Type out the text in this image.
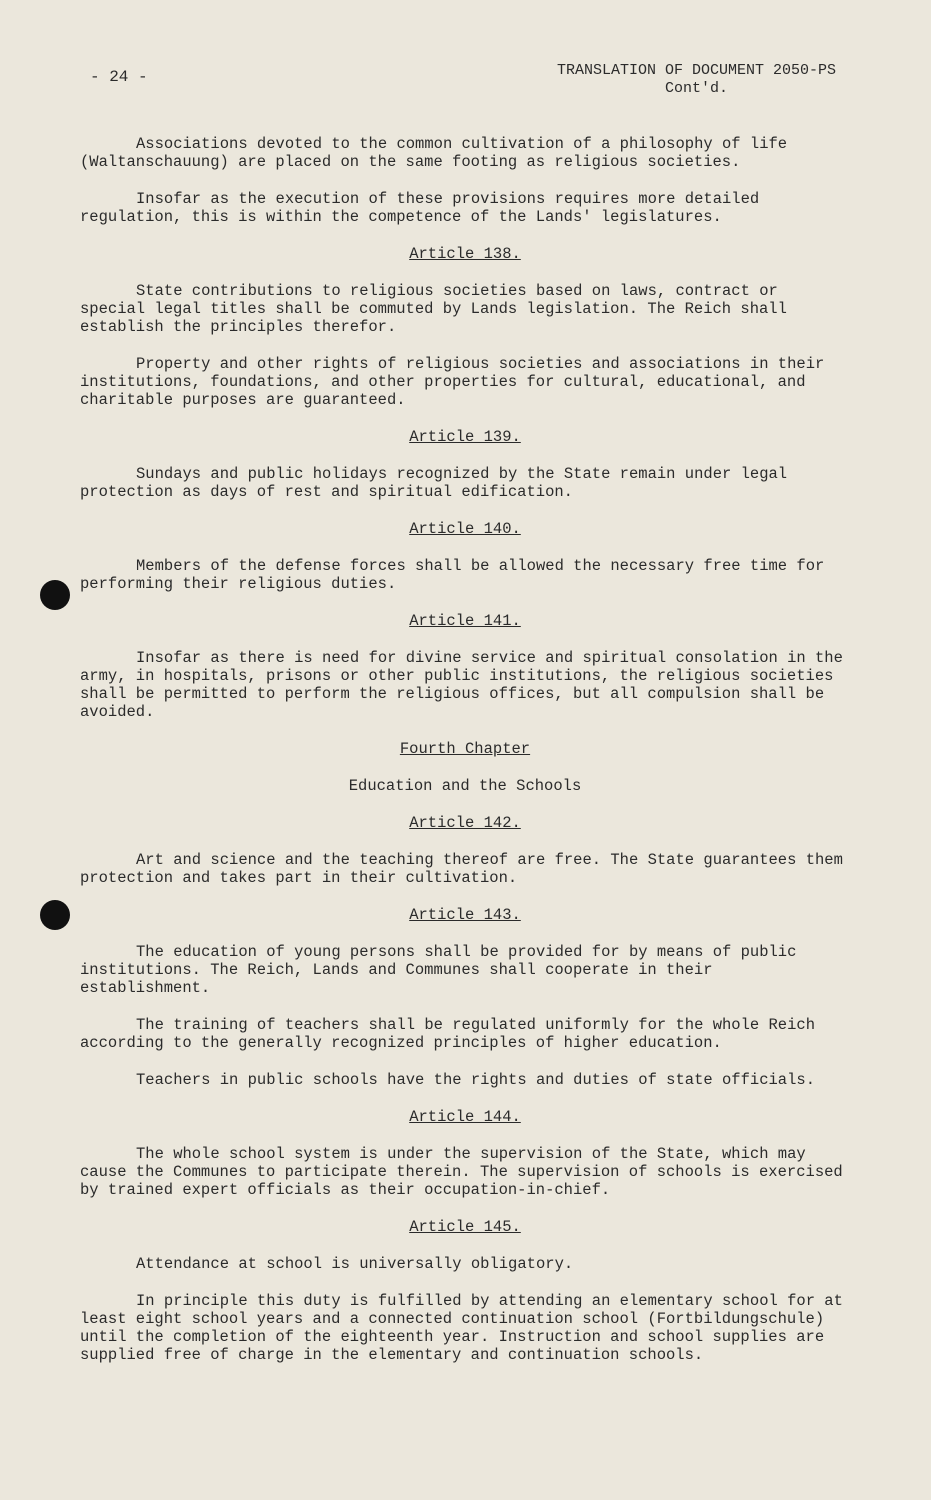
- 24 -	TRANSLATION OF DOCUMENT 2050-PS
Cont'd.

Associations devoted to the common cultivation of a philosophy of life (Waltanschauung) are placed on the same footing as religious societies.

Insofar as the execution of these provisions requires more detailed regulation, this is within the competence of the Lands' legislatures.

Article 138.

State contributions to religious societies based on laws, contract or special legal titles shall be commuted by Lands legislation. The Reich shall establish the principles therefor.

Property and other rights of religious societies and associations in their institutions, foundations, and other properties for cultural, educational, and charitable purposes are guaranteed.

Article 139.

Sundays and public holidays recognized by the State remain under legal protection as days of rest and spiritual edification.

Article 140.

Members of the defense forces shall be allowed the necessary free time for performing their religious duties.

Article 141.

Insofar as there is need for divine service and spiritual consolation in the army, in hospitals, prisons or other public institutions, the religious societies shall be permitted to perform the religious offices, but all compulsion shall be avoided.

Fourth Chapter
Education and the Schools
Article 142.

Art and science and the teaching thereof are free. The State guarantees them protection and takes part in their cultivation.

Article 143.

The education of young persons shall be provided for by means of public institutions. The Reich, Lands and Communes shall cooperate in their establishment.

The training of teachers shall be regulated uniformly for the whole Reich according to the generally recognized principles of higher education.

Teachers in public schools have the rights and duties of state officials.

Article 144.

The whole school system is under the supervision of the State, which may cause the Communes to participate therein. The supervision of schools is exercised by trained expert officials as their occupation-in-chief.

Article 145.

Attendance at school is universally obligatory.

In principle this duty is fulfilled by attending an elementary school for at least eight school years and a connected continuation school (Fortbildungschule) until the completion of the eighteenth year. Instruction and school supplies are supplied free of charge in the elementary and continuation schools.
